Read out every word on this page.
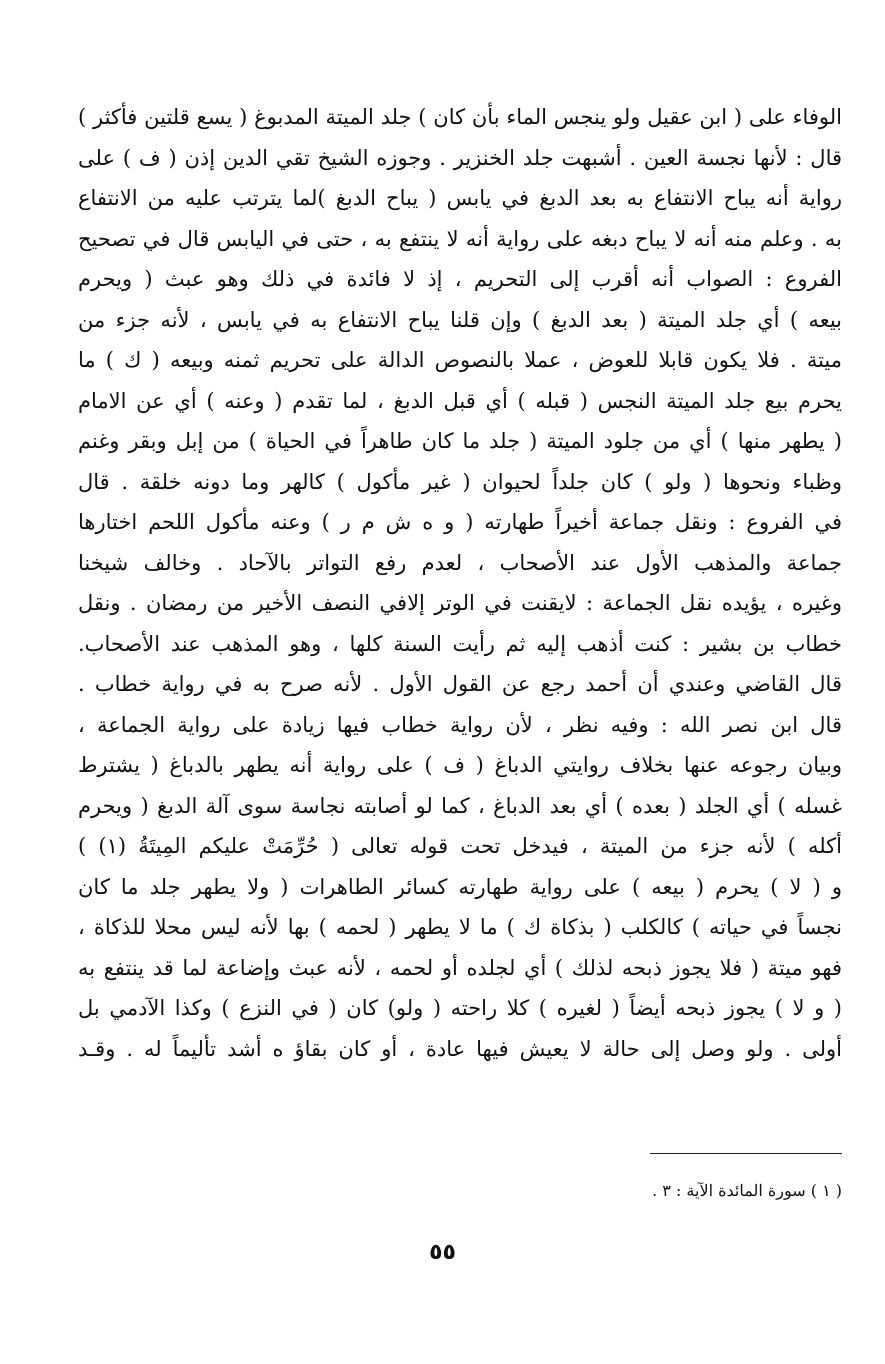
الوفاء على ( ابن عقيل ولو ينجس الماء بأن كان ) جلد الميتة المدبوغ ( يسع قلتين فأكثر )
قال : لأنها نجسة العين . أشبهت جلد الخنزير . وجوزه الشيخ تقي الدين إذن ( ف ) على
رواية أنه يباح الانتفاع به بعد الدبغ في يابس ( يباح الدبغ )لما يترتب عليه من الانتفاع
به . وعلم منه أنه لا يباح دبغه على رواية أنه لا ينتفع به ، حتى في اليابس قال في تصحيح
الفروع : الصواب أنه أقرب إلى التحريم ، إذ لا فائدة في ذلك وهو عبث ( ويحرم
بيعه ) أي جلد الميتة ( بعد الدبغ ) وإن قلنا يباح الانتفاع به في يابس ، لأنه جزء من
ميتة . فلا يكون قابلا للعوض ، عملا بالنصوص الدالة على تحريم ثمنه وبيعه ( ك ) ما
يحرم بيع جلد الميتة النجس ( قبله ) أي قبل الدبغ ، لما تقدم ( وعنه ) أي عن الامام
( يطهر منها ) أي من جلود الميتة ( جلد ما كان طاهراً في الحياة ) من إبل وبقر وغنم
وظباء ونحوها ( ولو ) كان جلداً لحيوان ( غير مأكول ) كالهر وما دونه خلقة . قال
في الفروع : ونقل جماعة أخيراً طهارته ( و ه ش م ر ) وعنه مأكول اللحم اختارها
جماعة والمذهب الأول عند الأصحاب ، لعدم رفع التواتر بالآحاد . وخالف شيخنا
وغيره ، يؤيده نقل الجماعة : لايقنت في الوتر إلافي النصف الأخير من رمضان . ونقل
خطاب بن بشير : كنت أذهب إليه ثم رأيت السنة كلها ، وهو المذهب عند الأصحاب.
قال القاضي وعندي أن أحمد رجع عن القول الأول . لأنه صرح به في رواية خطاب .
قال ابن نصر الله : وفيه نظر ، لأن رواية خطاب فيها زيادة على رواية الجماعة ،
وبيان رجوعه عنها بخلاف روايتي الدباغ ( ف ) على رواية أنه يطهر بالدباغ ( يشترط
غسله ) أي الجلد ( بعده ) أي بعد الدباغ ، كما لو أصابته نجاسة سوى آلة الدبغ ( ويحرم
أكله ) لأنه جزء من الميتة ، فيدخل تحت قوله تعالى ( حُرِّمَتْ عليكم المِيتَةُ (١) )
و ( لا ) يحرم ( بيعه ) على رواية طهارته كسائر الطاهرات ( ولا يطهر جلد ما كان
نجساً في حياته ) كالكلب ( بذكاة ك ) ما لا يطهر ( لحمه ) بها لأنه ليس محلا للذكاة ،
فهو ميتة ( فلا يجوز ذبحه لذلك ) أي لجلده أو لحمه ، لأنه عبث وإضاعة لما قد ينتفع به
( و لا ) يجوز ذبحه أيضاً ( لغيره ) كلا راحته ( ولو) كان ( في النزع ) وكذا الآدمي بل
أولى . ولو وصل إلى حالة لا يعيش فيها عادة ، أو كان بقاؤ ه أشد تأليماً له . وقـد
( ١ ) سورة المائدة الآية : ٣ .
٥٥
